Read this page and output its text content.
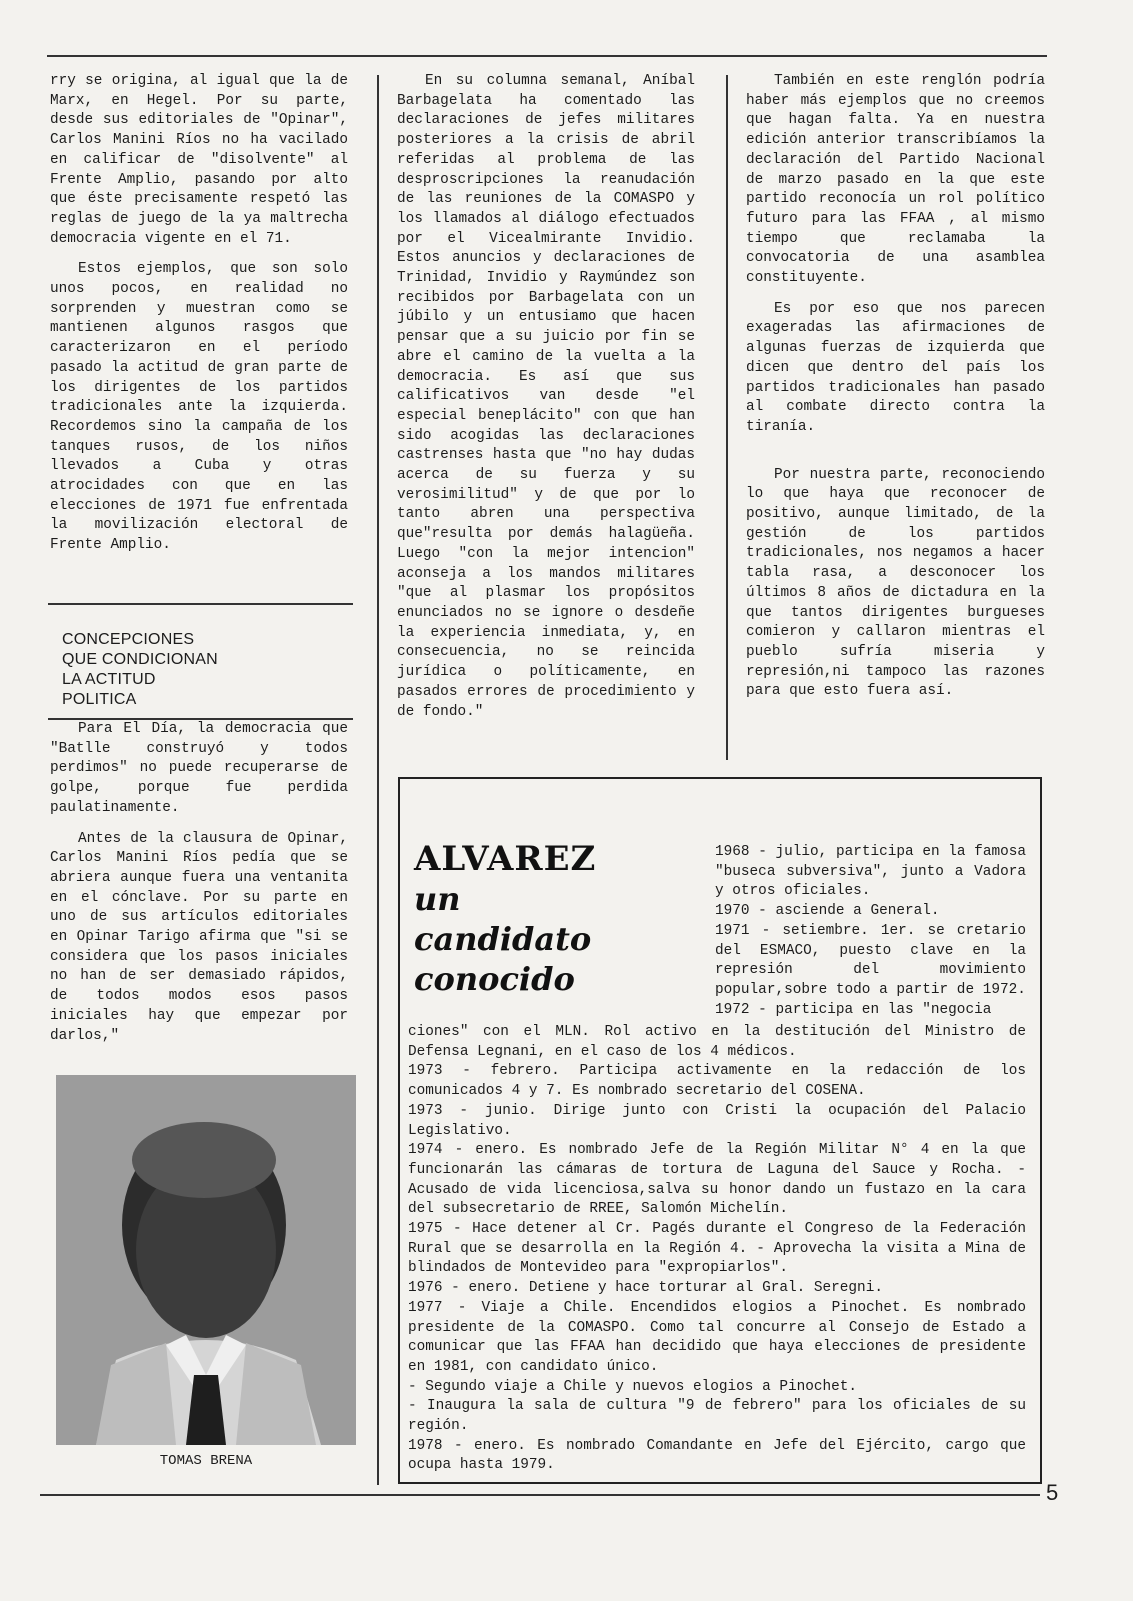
rry se origina, al igual que la de Marx, en Hegel. Por su parte, desde sus editoriales de "Opinar", Carlos Manini Ríos no ha vacilado en calificar de "disolvente" al Frente Amplio, pasando por alto que éste precisamente respetó las reglas de juego de la ya maltrecha democracia vigente en el 71.

Estos ejemplos, que son solo unos pocos, en realidad no sorprenden y muestran como se mantienen algunos rasgos que caracterizaron en el período pasado la actitud de gran parte de los dirigentes de los partidos tradicionales ante la izquierda. Recordemos sino la campaña de los tanques rusos, de los niños llevados a Cuba y otras atrocidades con que en las elecciones de 1971 fue enfrentada la movilización electoral de Frente Amplio.

CONCEPCIONES
QUE CONDICIONAN
LA ACTITUD
POLITICA

Para El Día, la democracia que "Batlle construyó y todos perdimos" no puede recuperarse de golpe, porque fue perdida paulatinamente.

Antes de la clausura de Opinar, Carlos Manini Ríos pedía que se abriera aunque fuera una ventanita en el cónclave. Por su parte en uno de sus artículos editoriales en Opinar Tarigo afirma que "si se considera que los pasos iniciales no han de ser demasiado rápidos, de todos modos esos pasos iniciales hay que empezar por darlos,"

TOMAS BRENA

En su columna semanal, Aníbal Barbagelata ha comentado las declaraciones de jefes militares posteriores a la crisis de abril referidas al problema de las desproscripciones la reanudación de las reuniones de la COMASPO y los llamados al diálogo efectuados por el Vicealmirante Invidio. Estos anuncios y declaraciones de Trinidad, Invidio y Raymúndez son recibidos por Barbagelata con un júbilo y un entusiamo que hacen pensar que a su juicio por fin se abre el camino de la vuelta a la democracia. Es así que sus calificativos van desde "el especial beneplácito" con que han sido acogidas las declaraciones castrenses hasta que "no hay dudas acerca de su fuerza y su verosimilitud" y de que por lo tanto abren una perspectiva que"resulta por demás halagüeña. Luego "con la mejor intencion" aconseja a los mandos militares "que al plasmar los propósitos enunciados no se ignore o desdeñe la experiencia inmediata, y, en consecuencia, no se reincida jurídica o políticamente, en pasados errores de procedimiento y de fondo."

También en este renglón podría haber más ejemplos que no creemos que hagan falta. Ya en nuestra edición anterior transcribíamos la declaración del Partido Nacional de marzo pasado en la que este partido reconocía un rol político futuro para las FFAA , al mismo tiempo que reclamaba la convocatoria de una asamblea constituyente.

Es por eso que nos parecen exageradas las afirmaciones de algunas fuerzas de izquierda que dicen que dentro del país los partidos tradicionales han pasado al combate directo contra la tiranía.

Por nuestra parte, reconociendo lo que haya que reconocer de positivo, aunque limitado, de la gestión de los partidos tradicionales, nos negamos a hacer tabla rasa, a desconocer los últimos 8 años de dictadura en la que tantos dirigentes burgueses comieron y callaron mientras el pueblo sufría miseria y represión,ni tampoco las razones para que esto fuera así.

ALVAREZ
un
candidato
conocido
1968 - julio, participa en la famosa "buseca subversiva", junto a Vadora y otros oficiales.
1970 - asciende a General.
1971 - setiembre. 1er. se cretario del ESMACO, puesto clave en la represión del movimiento popular,sobre todo a partir de 1972.
1972 - participa en las "negocia
ciones" con el MLN. Rol activo en la destitución del Ministro de Defensa Legnani, en el caso de los 4 médicos.
1973 - febrero. Participa activamente en la redacción de los comunicados 4 y 7. Es nombrado secretario del COSENA.
1973 - junio. Dirige junto con Cristi la ocupación del Palacio Legislativo.
1974 - enero. Es nombrado Jefe de la Región Militar N° 4 en la que funcionarán las cámaras de tortura de Laguna del Sauce y Rocha. - Acusado de vida licenciosa,salva su honor dando un fustazo en la cara del subsecretario de RREE, Salomón Michelín.
1975 - Hace detener al Cr. Pagés durante el Congreso de la Federación Rural que se desarrolla en la Región 4. - Aprovecha la visita a Mina de blindados de Montevideo para "expropiarlos".
1976 - enero. Detiene y hace torturar al Gral. Seregni.
1977 - Viaje a Chile. Encendidos elogios a Pinochet. Es nombrado presidente de la COMASPO. Como tal concurre al Consejo de Estado a comunicar que las FFAA han decidido que haya elecciones de presidente en 1981, con candidato único.
- Segundo viaje a Chile y nuevos elogios a Pinochet.
- Inaugura la sala de cultura "9 de febrero" para los oficiales de su región.
1978 - enero. Es nombrado Comandante en Jefe del Ejército, cargo que ocupa hasta 1979.
5
